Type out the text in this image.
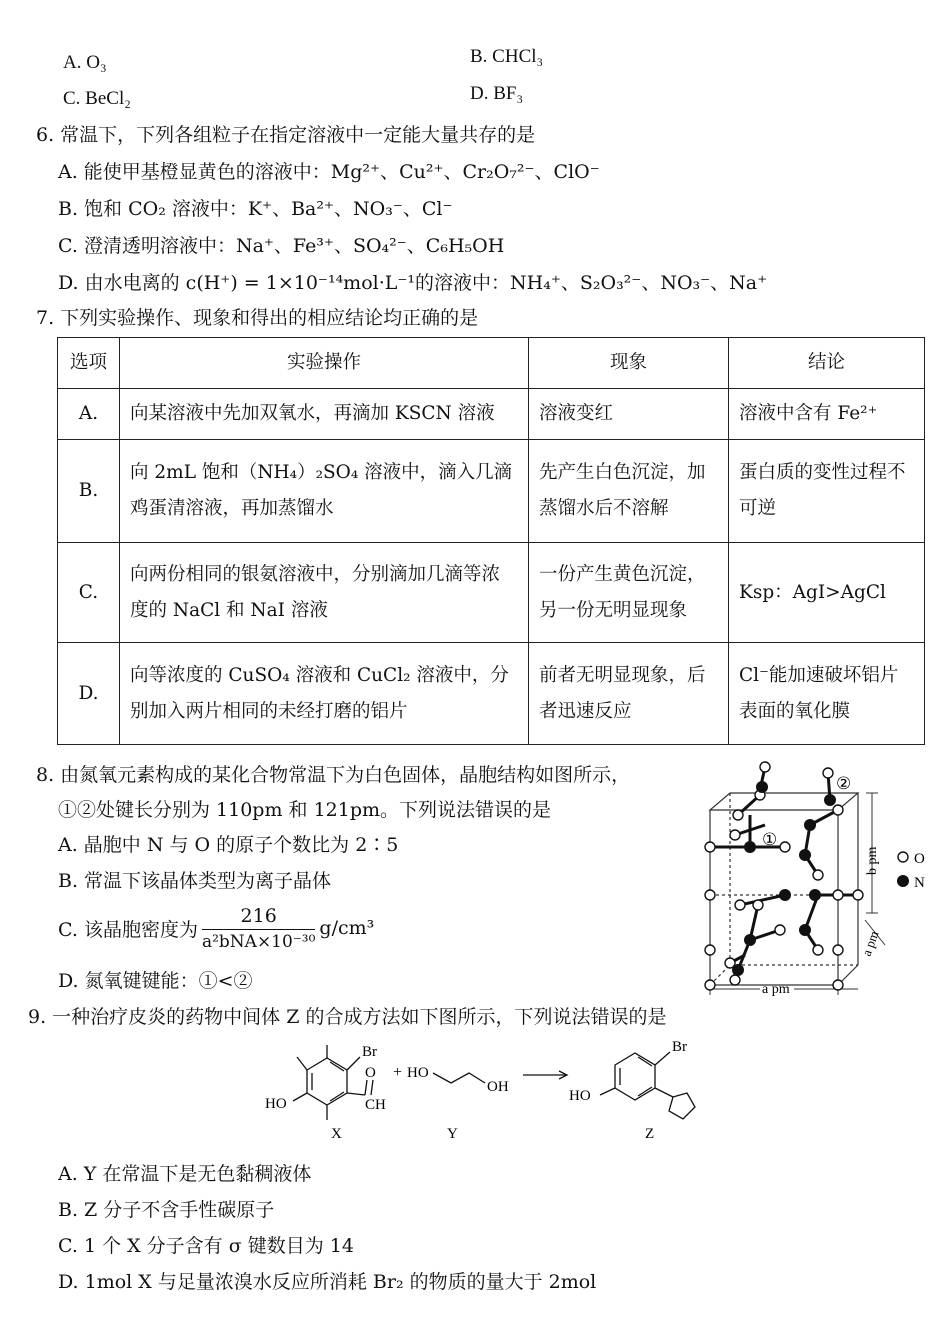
A. O₃	B. CHCl₃
C. BeCl₂	D. BF₃
6. 常温下，下列各组粒子在指定溶液中一定能大量共存的是
A. 能使甲基橙显黄色的溶液中：Mg²⁺、Cu²⁺、Cr₂O₇²⁻、ClO⁻
B. 饱和 CO₂ 溶液中：K⁺、Ba²⁺、NO₃⁻、Cl⁻
C. 澄清透明溶液中：Na⁺、Fe³⁺、SO₄²⁻、C₆H₅OH
D. 由水电离的 c(H⁺) = 1×10⁻¹⁴mol·L⁻¹的溶液中：NH₄⁺、S₂O₃²⁻、NO₃⁻、Na⁺
7. 下列实验操作、现象和得出的相应结论均正确的是
选项	实验操作	现象	结论
A.	向某溶液中先加双氧水，再滴加 KSCN 溶液	溶液变红	溶液中含有 Fe²⁺
B.	向 2mL 饱和（NH₄）₂SO₄ 溶液中，滴入几滴鸡蛋清溶液，再加蒸馏水	先产生白色沉淀，加蒸馏水后不溶解	蛋白质的变性过程不可逆
C.	向两份相同的银氨溶液中，分别滴加几滴等浓度的 NaCl 和 NaI 溶液	一份产生黄色沉淀，另一份无明显现象	Ksp：AgI>AgCl
D.	向等浓度的 CuSO₄ 溶液和 CuCl₂ 溶液中，分别加入两片相同的未经打磨的铝片	前者无明显现象，后者迅速反应	Cl⁻能加速破坏铝片表面的氧化膜
8. 由氮氧元素构成的某化合物常温下为白色固体，晶胞结构如图所示，
①②处键长分别为 110pm 和 121pm。下列说法错误的是
A. 晶胞中 N 与 O 的原子个数比为 2∶5
B. 常温下该晶体类型为离子晶体
C. 该晶胞密度为 $\frac{216}{\text{a²bNA×10⁻³⁰}} g/cm^3$
D. 氮氧键键能：①<②
b pm
a pm
a pm
①
②
O
N
9. 一种治疗皮炎的药物中间体 Z 的合成方法如下图所示，下列说法错误的是
Br
O
CH
HO
X
+ HO
OH
Y
Br
HO
Z
A. Y 在常温下是无色黏稠液体
B. Z 分子不含手性碳原子
C. 1 个 X 分子含有 σ 键数目为 14
D. 1mol X 与足量浓溴水反应所消耗 Br₂ 的物质的量大于 2mol
